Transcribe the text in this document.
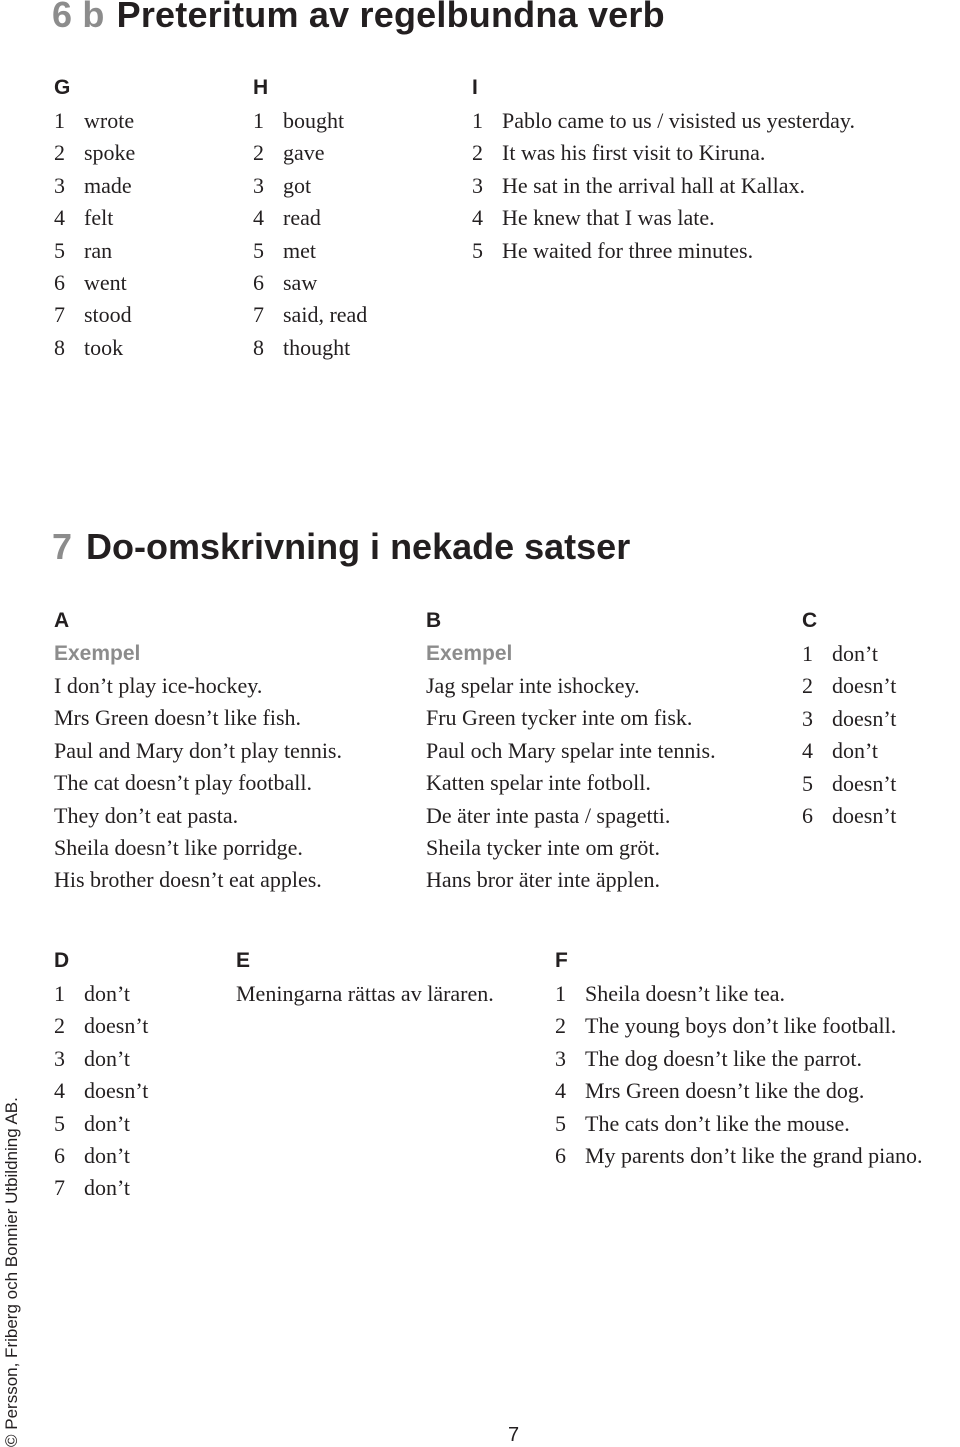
6 b Preteritum av regelbundna verb
G
1 wrote
2 spoke
3 made
4 felt
5 ran
6 went
7 stood
8 took
H
1 bought
2 gave
3 got
4 read
5 met
6 saw
7 said, read
8 thought
I
1 Pablo came to us / visisted us yesterday.
2 It was his first visit to Kiruna.
3 He sat in the arrival hall at Kallax.
4 He knew that I was late.
5 He waited for three minutes.
7 Do-omskrivning i nekade satser
A
Exempel
I don’t play ice-hockey.
Mrs Green doesn’t like fish.
Paul and Mary don’t play tennis.
The cat doesn’t play football.
They don’t eat pasta.
Sheila doesn’t like porridge.
His brother doesn’t eat apples.
B
Exempel
Jag spelar inte ishockey.
Fru Green tycker inte om fisk.
Paul och Mary spelar inte tennis.
Katten spelar inte fotboll.
De äter inte pasta / spagetti.
Sheila tycker inte om gröt.
Hans bror äter inte äpplen.
C
1 don’t
2 doesn’t
3 doesn’t
4 don’t
5 doesn’t
6 doesn’t
D
1 don’t
2 doesn’t
3 don’t
4 doesn’t
5 don’t
6 don’t
7 don’t
E
Meningarna rättas av läraren.
F
1 Sheila doesn’t like tea.
2 The young boys don’t like football.
3 The dog doesn’t like the parrot.
4 Mrs Green doesn’t like the dog.
5 The cats don’t like the mouse.
6 My parents don’t like the grand piano.
© Persson, Friberg och Bonnier Utbildning AB.	7
